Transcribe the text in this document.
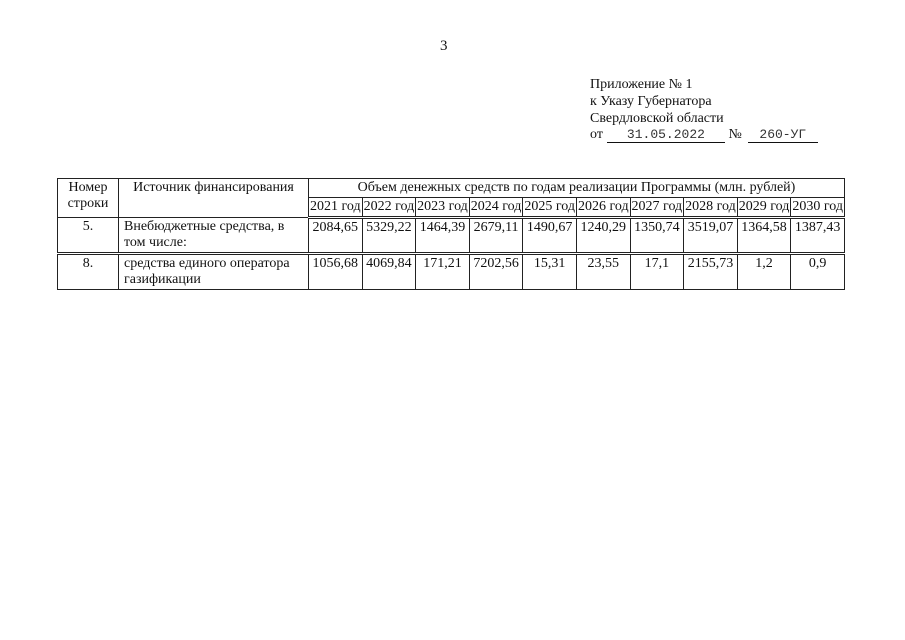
3
Приложение № 1
к Указу Губернатора
Свердловской области
от 31.05.2022 № 260-УГ
Номер строки	Источник финансирования	Объем денежных средств по годам реализации Программы (млн. рублей)									
		2021 год	2022 год	2023 год	2024 год	2025 год	2026 год	2027 год	2028 год	2029 год	2030 год
5.	Внебюджетные средства, в том числе:	2084,65	5329,22	1464,39	2679,11	1490,67	1240,29	1350,74	3519,07	1364,58	1387,43
8.	средства единого оператора газификации	1056,68	4069,84	171,21	7202,56	15,31	23,55	17,1	2155,73	1,2	0,9
